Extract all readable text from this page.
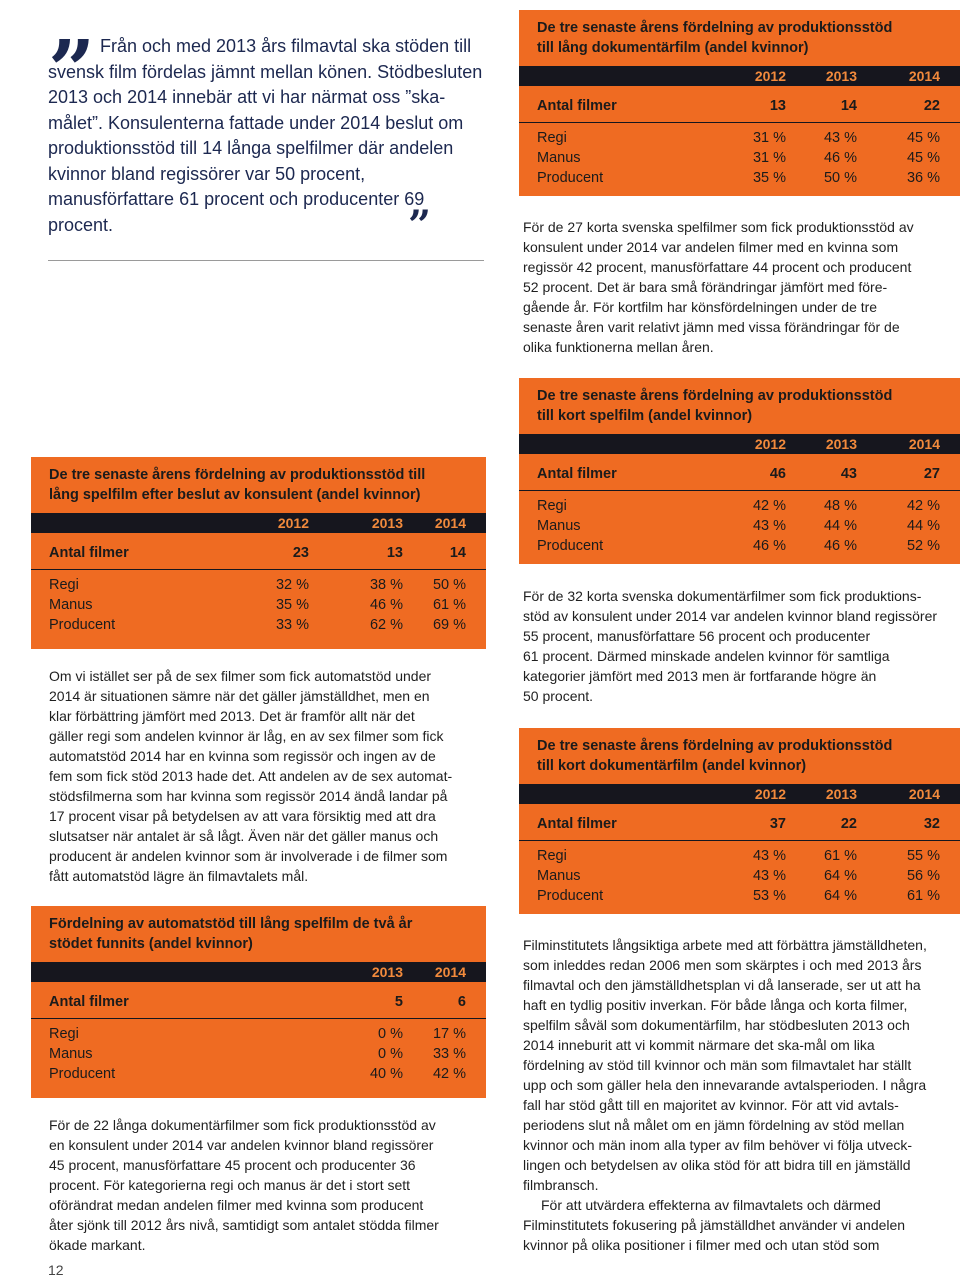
” Från och med 2013 års filmavtal ska stöden till svensk film fördelas jämnt mellan könen. Stödbesluten 2013 och 2014 innebär att vi har närmat oss ”ska-målet”. Konsulenterna fattade under 2014 beslut om produktionsstöd till 14 långa spelfilmer där andelen kvinnor bland regissörer var 50 procent, manusförfattare 61 procent och producenter 69 procent.	”
De tre senaste årens fördelning av produktionsstöd
till lång dokumentärfilm (andel kvinnor)
2012	2013	2014
Antal filmer	13	14	22
Regi	31 %	43 %	45 %
Manus	31 %	46 %	45 %
Producent	35 %	50 %	36 %
De tre senaste årens fördelning av produktionsstöd
till kort spelfilm (andel kvinnor)
2012	2013	2014
Antal filmer	46	43	27
Regi	42 %	48 %	42 %
Manus	43 %	44 %	44 %
Producent	46 %	46 %	52 %
De tre senaste årens fördelning av produktionsstöd
till kort dokumentärfilm (andel kvinnor)
2012	2013	2014
Antal filmer	37	22	32
Regi	43 %	61 %	55 %
Manus	43 %	64 %	56 %
Producent	53 %	64 %	61 %
De tre senaste årens fördelning av produktionsstöd till
lång spelfilm efter beslut av konsulent (andel kvinnor)
2012	2013 2014
Antal filmer	23	13	14
Regi	32 %	38 % 50 %
Manus	35 %	46 % 61 %
Producent	33 %	62 % 69 %
Fördelning av automatstöd till lång spelfilm de två år
stödet funnits (andel kvinnor)
2013 2014
Antal filmer	5	6
Regi	0 % 17 %
Manus	0 % 33 %
Producent	40 % 42 %
För de 27 korta svenska spelfilmer som fick produktionsstöd av
konsulent under 2014 var andelen filmer med en kvinna som
regissör 42 procent, manusförfattare 44 procent och producent
52 procent. Det är bara små förändringar jämfört med före-
gående år. För kortfilm har könsfördelningen under de tre
senaste åren varit relativt jämn med vissa förändringar för de
olika funktionerna mellan åren.
För de 32 korta svenska dokumentärfilmer som fick produktions-
stöd av konsulent under 2014 var andelen kvinnor bland regissörer
55 procent, manusförfattare 56 procent och producenter
61 procent. Därmed minskade andelen kvinnor för samtliga
kategorier jämfört med 2013 men är fortfarande högre än
50 procent.
Om vi istället ser på de sex filmer som fick automatstöd under
2014 är situationen sämre när det gäller jämställdhet, men en
klar förbättring jämfört med 2013. Det är framför allt när det
gäller regi som andelen kvinnor är låg, en av sex filmer som fick
automatstöd 2014 har en kvinna som regissör och ingen av de
fem som fick stöd 2013 hade det. Att andelen av de sex automat-
stödsfilmerna som har kvinna som regissör 2014 ändå landar på
17 procent visar på betydelsen av att vara försiktig med att dra
slutsatser när antalet är så lågt. Även när det gäller manus och
producent är andelen kvinnor som är involverade i de filmer som
fått automatstöd lägre än filmavtalets mål.
För de 22 långa dokumentärfilmer som fick produktionsstöd av
en konsulent under 2014 var andelen kvinnor bland regissörer
45 procent, manusförfattare 45 procent och producenter 36
procent. För kategorierna regi och manus är det i stort sett
oförändrat medan andelen filmer med kvinna som producent
åter sjönk till 2012 års nivå, samtidigt som antalet stödda filmer
ökade markant.
Filminstitutets långsiktiga arbete med att förbättra jämställdheten,
som inleddes redan 2006 men som skärptes i och med 2013 års
filmavtal och den jämställdhetsplan vi då lanserade, ser ut att ha
haft en tydlig positiv inverkan. För både långa och korta filmer,
spelfilm såväl som dokumentärfilm, har stödbesluten 2013 och
2014 inneburit att vi kommit närmare det ska-mål om lika
fördelning av stöd till kvinnor och män som filmavtalet har ställt
upp och som gäller hela den innevarande avtalsperioden. I några
fall har stöd gått till en majoritet av kvinnor. För att vid avtals-
periodens slut nå målet om en jämn fördelning av stöd mellan
kvinnor och män inom alla typer av film behöver vi följa utveck-
lingen och betydelsen av olika stöd för att bidra till en jämställd
filmbransch.
För att utvärdera effekterna av filmavtalets och därmed
Filminstitutets fokusering på jämställdhet använder vi andelen
kvinnor på olika positioner i filmer med och utan stöd som
12
